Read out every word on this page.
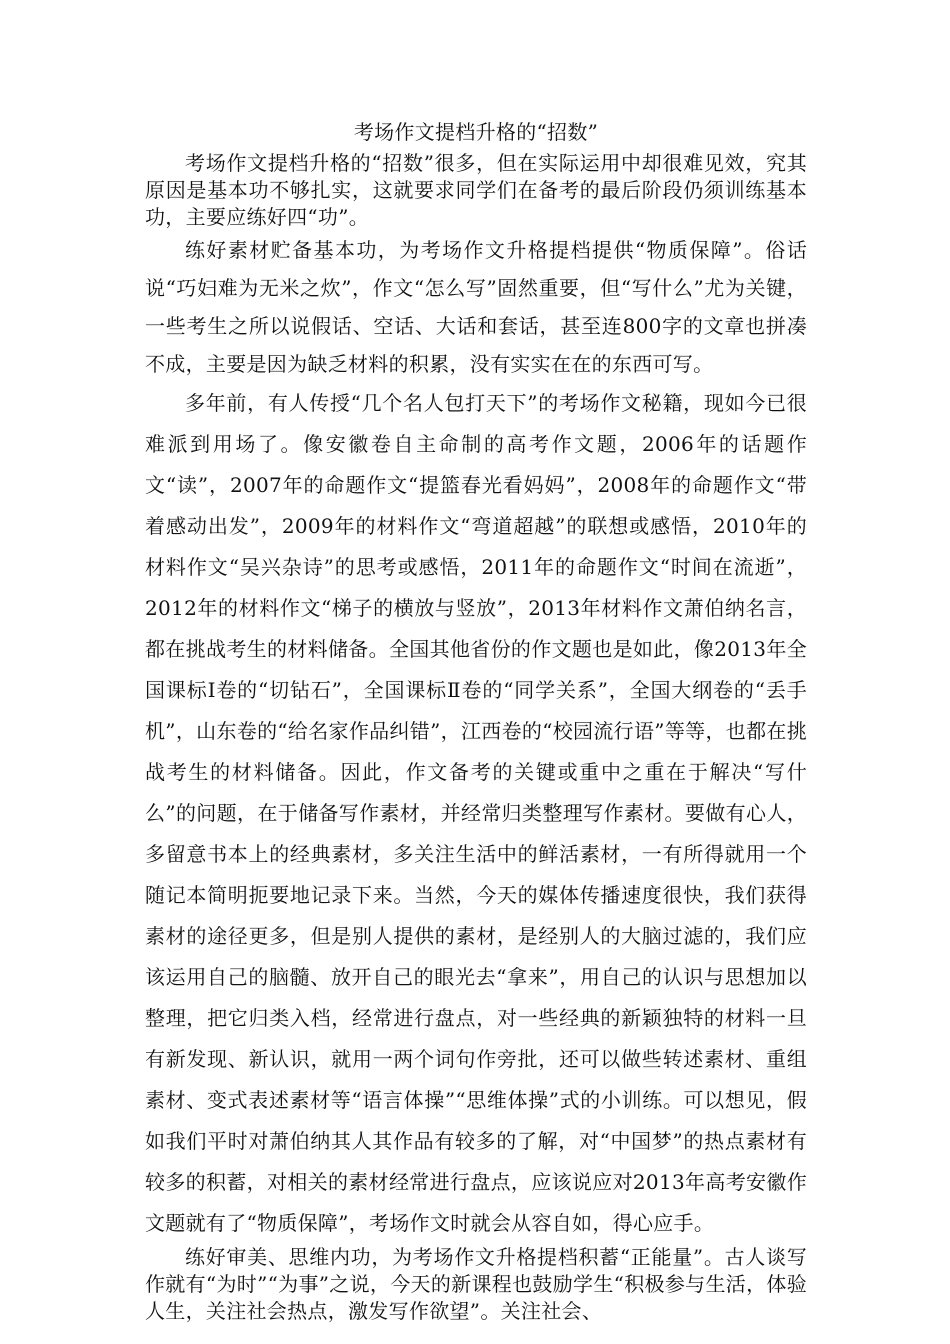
考场作文提档升格的“招数”

考场作文提档升格的“招数”很多，但在实际运用中却很难见效，究其原因是基本功不够扎实，这就要求同学们在备考的最后阶段仍须训练基本功，主要应练好四“功”。

练好素材贮备基本功，为考场作文升格提档提供“物质保障”。俗话说“巧妇难为无米之炊”，作文“怎么写”固然重要，但“写什么”尤为关键，一些考生之所以说假话、空话、大话和套话，甚至连800字的文章也拼凑不成，主要是因为缺乏材料的积累，没有实实在在的东西可写。

多年前，有人传授“几个名人包打天下”的考场作文秘籍，现如今已很难派到用场了。像安徽卷自主命制的高考作文题，2006年的话题作文“读”，2007年的命题作文“提篮春光看妈妈”，2008年的命题作文“带着感动出发”，2009年的材料作文“弯道超越”的联想或感悟，2010年的材料作文“吴兴杂诗”的思考或感悟，2011年的命题作文“时间在流逝”，2012年的材料作文“梯子的横放与竖放”，2013年材料作文萧伯纳名言，都在挑战考生的材料储备。全国其他省份的作文题也是如此，像2013年全国课标Ⅰ卷的“切钻石”，全国课标Ⅱ卷的“同学关系”，全国大纲卷的“丢手机”，山东卷的“给名家作品纠错”，江西卷的“校园流行语”等等，也都在挑战考生的材料储备。因此，作文备考的关键或重中之重在于解决“写什么”的问题，在于储备写作素材，并经常归类整理写作素材。要做有心人，多留意书本上的经典素材，多关注生活中的鲜活素材，一有所得就用一个随记本简明扼要地记录下来。当然，今天的媒体传播速度很快，我们获得素材的途径更多，但是别人提供的素材，是经别人的大脑过滤的，我们应该运用自己的脑髓、放开自己的眼光去“拿来”，用自己的认识与思想加以整理，把它归类入档，经常进行盘点，对一些经典的新颖独特的材料一旦有新发现、新认识，就用一两个词句作旁批，还可以做些转述素材、重组素材、变式表述素材等“语言体操”“思维体操”式的小训练。可以想见，假如我们平时对萧伯纳其人其作品有较多的了解，对“中国梦”的热点素材有较多的积蓄，对相关的素材经常进行盘点，应该说应对2013年高考安徽作文题就有了“物质保障”，考场作文时就会从容自如，得心应手。

练好审美、思维内功，为考场作文升格提档积蓄“正能量”。古人谈写作就有“为时”“为事”之说，今天的新课程也鼓励学生“积极参与生活，体验人生，关注社会热点，激发写作欲望”。关注社会、
